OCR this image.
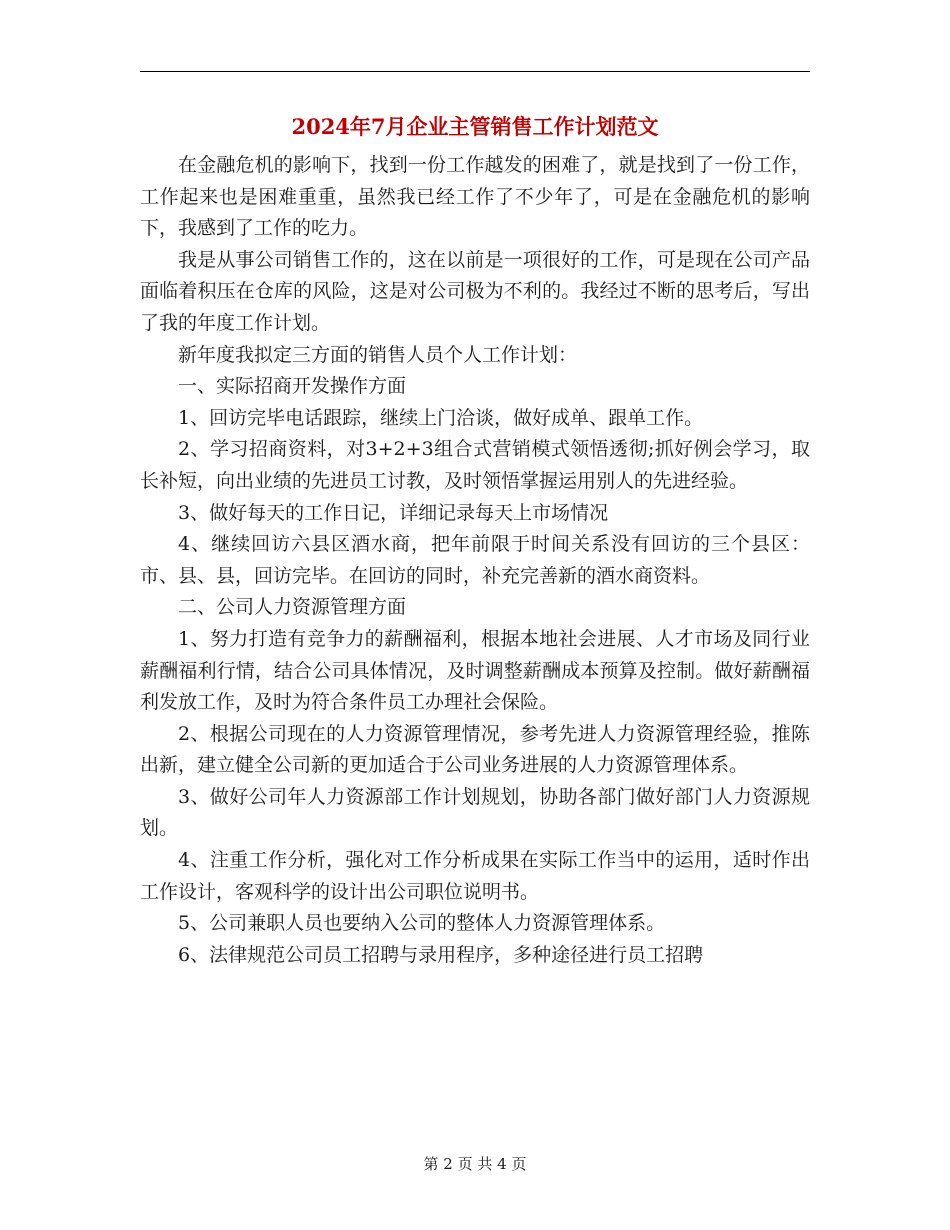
2024年7月企业主管销售工作计划范文

在金融危机的影响下，找到一份工作越发的困难了，就是找到了一份工作，工作起来也是困难重重，虽然我已经工作了不少年了，可是在金融危机的影响下，我感到了工作的吃力。

我是从事公司销售工作的，这在以前是一项很好的工作，可是现在公司产品面临着积压在仓库的风险，这是对公司极为不利的。我经过不断的思考后，写出了我的年度工作计划。

新年度我拟定三方面的销售人员个人工作计划：

一、实际招商开发操作方面

1、回访完毕电话跟踪，继续上门洽谈，做好成单、跟单工作。

2、学习招商资料，对3+2+3组合式营销模式领悟透彻;抓好例会学习，取长补短，向出业绩的先进员工讨教，及时领悟掌握运用别人的先进经验。

3、做好每天的工作日记，详细记录每天上市场情况

4、继续回访六县区酒水商，把年前限于时间关系没有回访的三个县区：市、县、县，回访完毕。在回访的同时，补充完善新的酒水商资料。

二、公司人力资源管理方面

1、努力打造有竞争力的薪酬福利，根据本地社会进展、人才市场及同行业薪酬福利行情，结合公司具体情况，及时调整薪酬成本预算及控制。做好薪酬福利发放工作，及时为符合条件员工办理社会保险。

2、根据公司现在的人力资源管理情况，参考先进人力资源管理经验，推陈出新，建立健全公司新的更加适合于公司业务进展的人力资源管理体系。

3、做好公司年人力资源部工作计划规划，协助各部门做好部门人力资源规划。

4、注重工作分析，强化对工作分析成果在实际工作当中的运用，适时作出工作设计，客观科学的设计出公司职位说明书。

5、公司兼职人员也要纳入公司的整体人力资源管理体系。

6、法律规范公司员工招聘与录用程序，多种途径进行员工招聘

第 2 页 共 4 页
